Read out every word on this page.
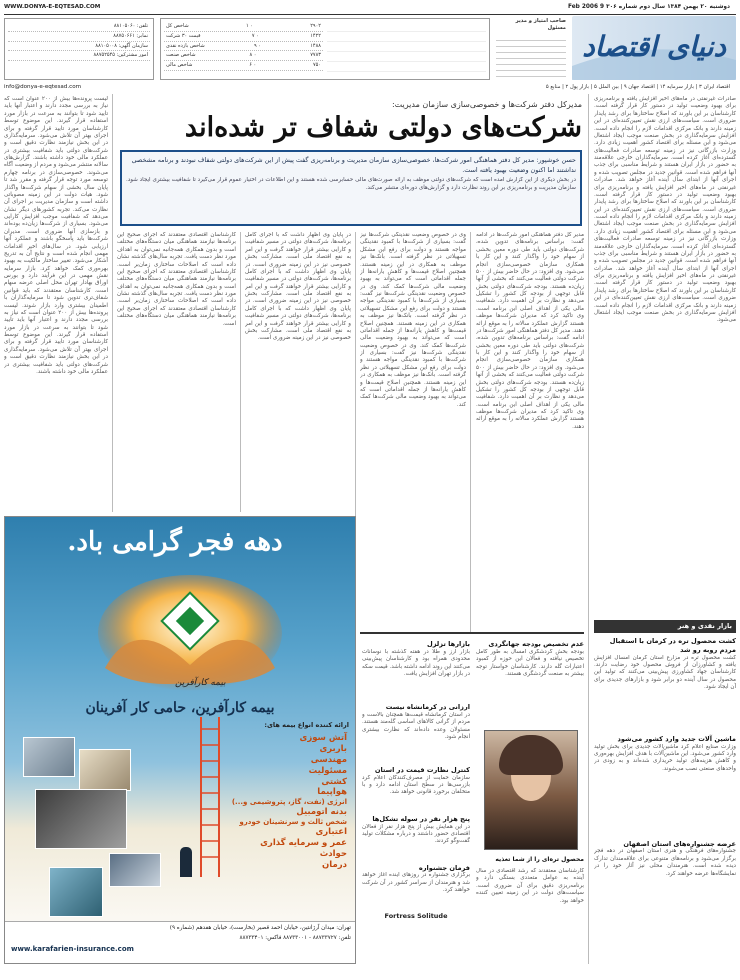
WWW.DONYA-E-EQTESAD.COM	دوشنبه ۲۰ بهمن ۱۳۸۴ سال دوم شماره ۳۰۶ 9 Feb 2006
تلفن: ۸۸۱۰۵۰۶۰
نمابر: ۸۸۷۵۰۶۶۱
سازمان آگهی: ۸۸۱۰۵۰۰۸
امور مشترکین: ۸۸۷۵۲۵۴۵
۲۹۰۲
۰ ۱
شاخص کل
۱۴۲۲
۰ ۷
قیمت ۳۰ شرکت
۱۴۸۸
۰ ۹
شاخص بازده نقدی
۷۷۸۳
۰ ۸
شاخص صنعت
۷۵۰
۰ ۶
شاخص مالی
صاحب امتیاز و مدیر مسئول
دنیای اقتصاد
info@donya-e-eqtesad.com	اقتصاد ایران ۳ | بازار سرمایه ۱۴ | اقتصاد جهان ۹ | بین الملل ۵ | بازار پول ۲ | منابع ۵
لیست پرونده‌ها بیش از ۲۰۰ عنوان است که نیاز به بررسی مجدد دارند و اعتبار آنها باید تایید شود تا بتوانند به سرعت در بازار مورد استفاده قرار گیرند. این موضوع توسط کارشناسان مورد تایید قرار گرفته و برای اجرای بهتر آن تلاش می‌شود. سرمایه‌گذاری در این بخش نیازمند نظارت دقیق است و شرکت‌های دولتی باید شفافیت بیشتری در عملکرد مالی خود داشته باشند. گزارش‌های سالانه منتشر می‌شود و مردم از وضعیت آگاه می‌شوند. خصوصی‌سازی در برنامه چهارم توسعه مورد توجه قرار گرفته و مقرر شد تا پایان سال بخشی از سهام شرکت‌ها واگذار شود. هیات دولت در این زمینه مصوباتی داشته است و سازمان مدیریت بر اجرای آن نظارت می‌کند. تجربه کشورهای دیگر نشان می‌دهد که شفافیت موجب افزایش کارایی می‌شود. بسیاری از شرکت‌ها زیان‌ده بوده‌اند و بازسازی آنها ضروری است. مدیران شرکت‌ها باید پاسخگو باشند و عملکرد آنها ارزیابی شود. در سال‌های اخیر اقدامات مهمی انجام شده است و نتایج آن به تدریج آشکار می‌شود. تغییر ساختار مالکیت به بهبود بهره‌وری کمک خواهد کرد. بازار سرمایه نقش مهمی در این فرآیند دارد و بورس اوراق بهادار تهران محل اصلی عرضه سهام است. کارشناسان معتقدند که باید قوانین شفاف‌تری تدوین شود تا سرمایه‌گذاران با اطمینان بیشتری وارد بازار شوند. لیست پرونده‌ها بیش از ۲۰۰ عنوان است که نیاز به بررسی مجدد دارند و اعتبار آنها باید تایید شود تا بتوانند به سرعت در بازار مورد استفاده قرار گیرند. این موضوع توسط کارشناسان مورد تایید قرار گرفته و برای اجرای بهتر آن تلاش می‌شود. سرمایه‌گذاری در این بخش نیازمند نظارت دقیق است و شرکت‌های دولتی باید شفافیت بیشتری در عملکرد مالی خود داشته باشند.
مدیرکل دفتر شرکت‌ها و خصوصی‌سازی سازمان مدیریت:
شرکت‌های دولتی شفاف تر شده‌اند
حسن خوشپور: مدیر کل دفتر هماهنگی امور شرکت‌ها، خصوصی‌سازی سازمان مدیریت و برنامه‌ریزی گفت پیش از این شرکت‌های دولتی شفاف نبودند و برنامه مشخصی نداشتند اما اکنون وضعیت بهبود یافته است.
در بخش دیگری از این گزارش آمده است که شرکت‌های دولتی موظف به ارائه صورت‌های مالی حسابرسی شده هستند و این اطلاعات در اختیار عموم قرار می‌گیرد تا شفافیت بیشتری ایجاد شود. سازمان مدیریت و برنامه‌ریزی بر این روند نظارت دارد و گزارش‌های دوره‌ای منتشر می‌کند.
صادرات غیرنفتی در ماه‌های اخیر افزایش یافته و برنامه‌ریزی برای بهبود وضعیت تولید در دستور کار قرار گرفته است. کارشناسان بر این باورند که اصلاح ساختارها برای رشد پایدار ضروری است. سیاست‌های ارزی نقش تعیین‌کننده‌ای در این زمینه دارند و بانک مرکزی اقدامات لازم را انجام داده است. افزایش سرمایه‌گذاری در بخش صنعت موجب ایجاد اشتغال می‌شود و این مسئله برای اقتصاد کشور اهمیت زیادی دارد. وزارت بازرگانی نیز در زمینه توسعه صادرات فعالیت‌های گسترده‌ای آغاز کرده است. سرمایه‌گذاران خارجی علاقه‌مند به حضور در بازار ایران هستند و شرایط مناسبی برای جذب آنها فراهم شده است. قوانین جدید در مجلس تصویب شده و اجرای آنها از ابتدای سال آینده آغاز خواهد شد. صادرات غیرنفتی در ماه‌های اخیر افزایش یافته و برنامه‌ریزی برای بهبود وضعیت تولید در دستور کار قرار گرفته است. کارشناسان بر این باورند که اصلاح ساختارها برای رشد پایدار ضروری است. سیاست‌های ارزی نقش تعیین‌کننده‌ای در این زمینه دارند و بانک مرکزی اقدامات لازم را انجام داده است. افزایش سرمایه‌گذاری در بخش صنعت موجب ایجاد اشتغال می‌شود و این مسئله برای اقتصاد کشور اهمیت زیادی دارد. وزارت بازرگانی نیز در زمینه توسعه صادرات فعالیت‌های گسترده‌ای آغاز کرده است. سرمایه‌گذاران خارجی علاقه‌مند به حضور در بازار ایران هستند و شرایط مناسبی برای جذب آنها فراهم شده است. قوانین جدید در مجلس تصویب شده و اجرای آنها از ابتدای سال آینده آغاز خواهد شد. صادرات غیرنفتی در ماه‌های اخیر افزایش یافته و برنامه‌ریزی برای بهبود وضعیت تولید در دستور کار قرار گرفته است. کارشناسان بر این باورند که اصلاح ساختارها برای رشد پایدار ضروری است. سیاست‌های ارزی نقش تعیین‌کننده‌ای در این زمینه دارند و بانک مرکزی اقدامات لازم را انجام داده است. افزایش سرمایه‌گذاری در بخش صنعت موجب ایجاد اشتغال می‌شود.
مدیر کل دفتر هماهنگی امور شرکت‌ها در ادامه گفت: براساس برنامه‌های تدوین شده، شرکت‌های دولتی باید طی دوره معین بخشی از سهام خود را واگذار کنند و این کار با همکاری سازمان خصوصی‌سازی انجام می‌شود. وی افزود: در حال حاضر بیش از ۵۰۰ شرکت دولتی فعالیت می‌کنند که بخشی از آنها زیان‌ده هستند. بودجه شرکت‌های دولتی بخش قابل توجهی از بودجه کل کشور را تشکیل می‌دهد و نظارت بر آن اهمیت دارد. شفافیت مالی یکی از اهداف اصلی این برنامه است. وی تاکید کرد که مدیران شرکت‌ها موظف هستند گزارش عملکرد سالانه را به موقع ارائه دهند. مدیر کل دفتر هماهنگی امور شرکت‌ها در ادامه گفت: براساس برنامه‌های تدوین شده، شرکت‌های دولتی باید طی دوره معین بخشی از سهام خود را واگذار کنند و این کار با همکاری سازمان خصوصی‌سازی انجام می‌شود. وی افزود: در حال حاضر بیش از ۵۰۰ شرکت دولتی فعالیت می‌کنند که بخشی از آنها زیان‌ده هستند. بودجه شرکت‌های دولتی بخش قابل توجهی از بودجه کل کشور را تشکیل می‌دهد و نظارت بر آن اهمیت دارد. شفافیت مالی یکی از اهداف اصلی این برنامه است. وی تاکید کرد که مدیران شرکت‌ها موظف هستند گزارش عملکرد سالانه را به موقع ارائه دهند.
وی در خصوص وضعیت نقدینگی شرکت‌ها نیز گفت: بسیاری از شرکت‌ها با کمبود نقدینگی مواجه هستند و دولت برای رفع این مشکل تسهیلاتی در نظر گرفته است. بانک‌ها نیز موظف به همکاری در این زمینه هستند. همچنین اصلاح قیمت‌ها و کاهش یارانه‌ها از جمله اقداماتی است که می‌تواند به بهبود وضعیت مالی شرکت‌ها کمک کند. وی در خصوص وضعیت نقدینگی شرکت‌ها نیز گفت: بسیاری از شرکت‌ها با کمبود نقدینگی مواجه هستند و دولت برای رفع این مشکل تسهیلاتی در نظر گرفته است. بانک‌ها نیز موظف به همکاری در این زمینه هستند. همچنین اصلاح قیمت‌ها و کاهش یارانه‌ها از جمله اقداماتی است که می‌تواند به بهبود وضعیت مالی شرکت‌ها کمک کند. وی در خصوص وضعیت نقدینگی شرکت‌ها نیز گفت: بسیاری از شرکت‌ها با کمبود نقدینگی مواجه هستند و دولت برای رفع این مشکل تسهیلاتی در نظر گرفته است. بانک‌ها نیز موظف به همکاری در این زمینه هستند. همچنین اصلاح قیمت‌ها و کاهش یارانه‌ها از جمله اقداماتی است که می‌تواند به بهبود وضعیت مالی شرکت‌ها کمک کند.
در پایان وی اظهار داشت که با اجرای کامل برنامه‌ها، شرکت‌های دولتی در مسیر شفافیت و کارایی بیشتر قرار خواهند گرفت و این امر به نفع اقتصاد ملی است. مشارکت بخش خصوصی نیز در این زمینه ضروری است. در پایان وی اظهار داشت که با اجرای کامل برنامه‌ها، شرکت‌های دولتی در مسیر شفافیت و کارایی بیشتر قرار خواهند گرفت و این امر به نفع اقتصاد ملی است. مشارکت بخش خصوصی نیز در این زمینه ضروری است. در پایان وی اظهار داشت که با اجرای کامل برنامه‌ها، شرکت‌های دولتی در مسیر شفافیت و کارایی بیشتر قرار خواهند گرفت و این امر به نفع اقتصاد ملی است. مشارکت بخش خصوصی نیز در این زمینه ضروری است.
کارشناسان اقتصادی معتقدند که اجرای صحیح این برنامه‌ها نیازمند هماهنگی میان دستگاه‌های مختلف است و بدون همکاری همه‌جانبه نمی‌توان به اهداف مورد نظر دست یافت. تجربه سال‌های گذشته نشان داده است که اصلاحات ساختاری زمان‌بر است. کارشناسان اقتصادی معتقدند که اجرای صحیح این برنامه‌ها نیازمند هماهنگی میان دستگاه‌های مختلف است و بدون همکاری همه‌جانبه نمی‌توان به اهداف مورد نظر دست یافت. تجربه سال‌های گذشته نشان داده است که اصلاحات ساختاری زمان‌بر است. کارشناسان اقتصادی معتقدند که اجرای صحیح این برنامه‌ها نیازمند هماهنگی میان دستگاه‌های مختلف است.
دهه فجر گرامی باد.
بیمه کارآفرین
بیمه کارآفرین، حامی کار آفرینان
ارائه کننده انواع بیمه های:
آتش سوزی
باربری
مهندسی
مسئولیت
کشتی
هواپیما
انرژی (نفت، گاز، پتروشیمی و...)
بدنه اتومبیل
شخص ثالث و سرنشینان خودرو
اعتباری
عمر و سرمایه گذاری
حوادث
درمان
تهران: میدان آرژانتین، خیابان احمد قصیر (بخارست)، خیابان هفدهم (شماره ۹)
تلفن: ۸۸۷۳۳۷۲۷ - ۸۸۷۳۳۰۰۱ فاکس: ۸۸۷۳۳۴۰۱
www.karafarien-insurance.com
بازارها تزلزل
بازار ارز و طلا در هفته گذشته با نوسانات محدودی همراه بود و کارشناسان پیش‌بینی می‌کنند این روند ادامه داشته باشد. قیمت سکه در بازار تهران افزایش یافت.
ارزانی در کرمانشاه نیست
در استان کرمانشاه قیمت‌ها همچنان بالاست و مردم از گرانی کالاهای اساسی گله‌مند هستند. مسئولان وعده داده‌اند که نظارت بیشتری انجام شود.
کنترل نظارت قیمت در استان
سازمان حمایت از مصرف‌کنندگان اعلام کرد بازرسی‌ها در سطح استان ادامه دارد و با متخلفان برخورد قانونی خواهد شد.
پنج هزار نفر در سوله تشکل‌ها
در این همایش بیش از پنج هزار نفر از فعالان اقتصادی حضور داشتند و درباره مشکلات تولید گفت‌وگو کردند.
فرمان جشنواره
برگزاری جشنواره در روزهای آینده آغاز خواهد شد و هنرمندان از سراسر کشور در آن شرکت خواهند کرد.
Fortress Solitude
عدم تخصیص بودجه جهانگردی
بودجه بخش گردشگری امسال به طور کامل تخصیص نیافته و فعالان این حوزه از کمبود اعتبارات گله دارند. کارشناسان خواستار توجه بیشتر به صنعت گردشگری هستند.
محصول تره‌ای را از شما تغذیه
کارشناسان معتقدند که رشد اقتصادی در سال آینده به عوامل متعددی بستگی دارد و برنامه‌ریزی دقیق برای آن ضروری است. سیاست‌های دولت در این زمینه تعیین کننده خواهد بود.
بازار نقدی و هنر
کشت محصول تره در کرمان با استقبال مردم روبه رو شد
کشت محصول تره در مزارع استان کرمان امسال افزایش یافته و کشاورزان از فروش محصول خود رضایت دارند. کارشناسان جهاد کشاورزی پیش‌بینی می‌کنند که تولید این محصول در سال آینده دو برابر شود و بازارهای جدیدی برای آن ایجاد شود.
ماشین آلات جدید وارد کشور می‌شود
وزارت صنایع اعلام کرد ماشین‌آلات جدیدی برای بخش تولید وارد کشور می‌شود. این ماشین‌آلات با هدف افزایش بهره‌وری و کاهش هزینه‌های تولید خریداری شده‌اند و به زودی در واحدهای صنعتی نصب می‌شوند.
عرضه جشنواره‌های استان اصفهان
جشنواره‌های فرهنگی و هنری استان اصفهان در دهه فجر برگزار می‌شود و برنامه‌های متنوعی برای علاقه‌مندان تدارک دیده شده است. هنرمندان محلی نیز آثار خود را در نمایشگاه‌ها عرضه خواهند کرد.
